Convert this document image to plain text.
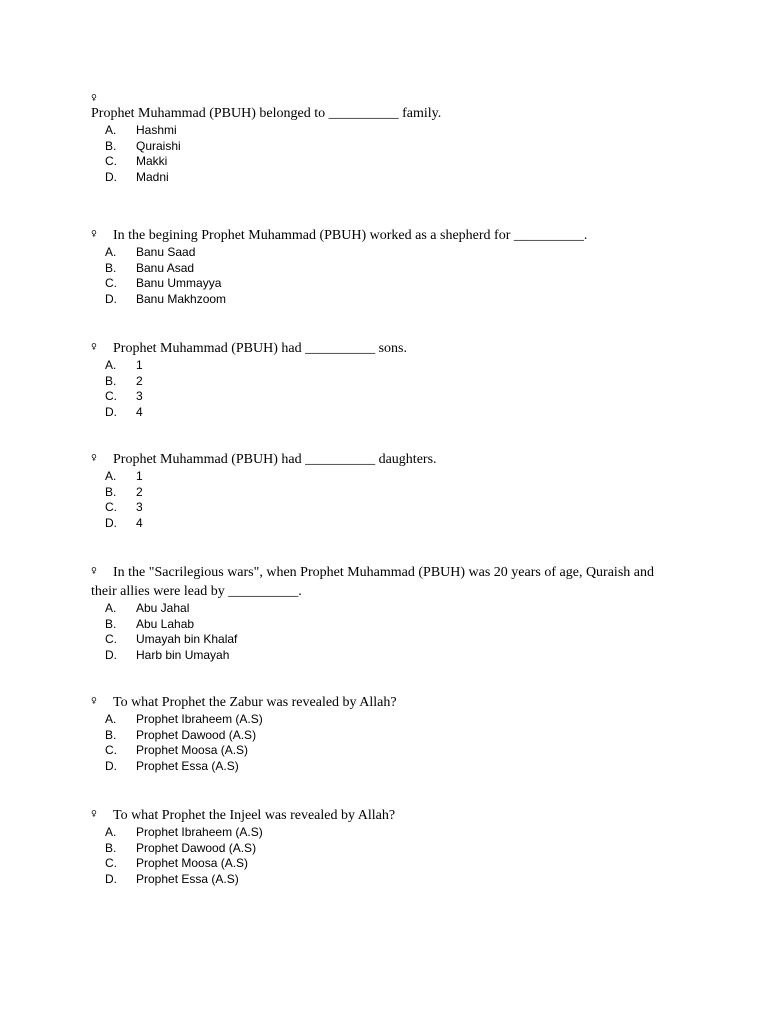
♀
Prophet Muhammad (PBUH) belonged to __________ family.
A. Hashmi
B. Quraishi
C. Makki
D. Madni
♀ In the begining Prophet Muhammad (PBUH) worked as a shepherd for __________.
A. Banu Saad
B. Banu Asad
C. Banu Ummayya
D. Banu Makhzoom
♀ Prophet Muhammad (PBUH) had __________ sons.
A. 1
B. 2
C. 3
D. 4
♀ Prophet Muhammad (PBUH) had __________ daughters.
A. 1
B. 2
C. 3
D. 4
♀ In the "Sacrilegious wars", when Prophet Muhammad (PBUH) was 20 years of age, Quraish and their allies were lead by __________.
A. Abu Jahal
B. Abu Lahab
C. Umayah bin Khalaf
D. Harb bin Umayah
♀ To what Prophet the Zabur was revealed by Allah?
A. Prophet Ibraheem (A.S)
B. Prophet Dawood (A.S)
C. Prophet Moosa (A.S)
D. Prophet Essa (A.S)
♀ To what Prophet the Injeel was revealed by Allah?
A. Prophet Ibraheem (A.S)
B. Prophet Dawood (A.S)
C. Prophet Moosa (A.S)
D. Prophet Essa (A.S)
